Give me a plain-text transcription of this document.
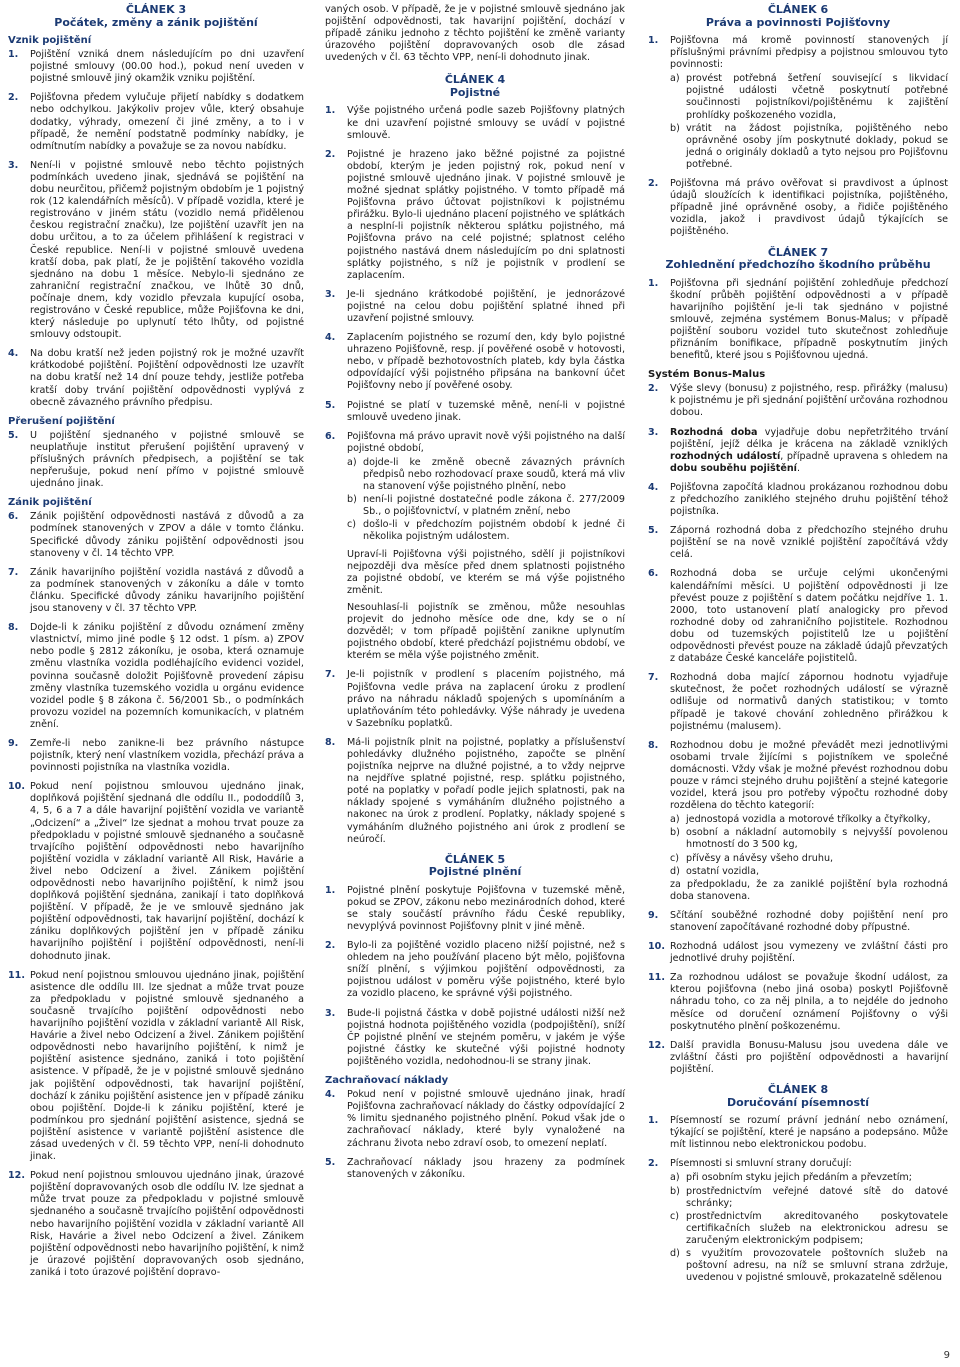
ČLÁNEK 3
Počátek, změny a zánik pojištění
Vznik pojištění
1. Pojištění vzniká dnem následujícím po dni uzavření pojistné smlouvy (00.00 hod.), pokud není uveden v pojistné smlouvě jiný okamžik vzniku pojištění.

2. Pojišťovna předem vylučuje přijetí nabídky s dodatkem nebo odchylkou. Jakýkoliv projev vůle, který obsahuje dodatky, výhrady, omezení či jiné změny, a to i v případě, že nemění podstatně podmínky nabídky, je odmítnutím nabídky a považuje se za novou nabídku.

3. Není-li v pojistné smlouvě nebo těchto pojistných podmínkách uvedeno jinak, sjednává se pojištění na dobu neurčitou, přičemž pojistným obdobím je 1 pojistný rok (12 kalendářních měsíců). V případě vozidla, které je registrováno v jiném státu (vozidlo nemá přidělenou českou registrační značku), lze pojištění uzavřít jen na dobu určitou, a to za účelem přihlášení k registraci v České republice. Není-li v pojistné smlouvě uvedena kratší doba, pak platí, že je pojištění takového vozidla sjednáno na dobu 1 měsíce. Nebylo-li sjednáno ze zahraniční registrační značkou, ve lhůtě 30 dnů, počínaje dnem, kdy vozidlo převzala kupující osoba, registrováno v České republice, může Pojišťovna ke dni, který následuje po uplynutí této lhůty, od pojistné smlouvy odstoupit.

4. Na dobu kratší než jeden pojistný rok je možné uzavřít krátkodobé pojištění. Pojištění odpovědnosti lze uzavřít na dobu kratší než 14 dní pouze tehdy, jestliže potřeba kratší doby trvání pojištění odpovědnosti vyplývá z obecně závazného právního předpisu.

Přerušení pojištění
5. U pojištění sjednaného v pojistné smlouvě se neuplatňuje institut přerušení pojištění upravený v příslušných právních předpisech, a pojištění se tak nepřerušuje, pokud není přímo v pojistné smlouvě ujednáno jinak.

Zánik pojištění
6. Zánik pojištění odpovědnosti nastává z důvodů a za podmínek stanovených v ZPOV a dále v tomto článku. Specifické důvody zániku pojištění odpovědnosti jsou stanoveny v čl. 14 těchto VPP.

7. Zánik havarijního pojištění vozidla nastává z důvodů a za podmínek stanovených v zákoníku a dále v tomto článku. Specifické důvody zániku havarijního pojištění jsou stanoveny v čl. 37 těchto VPP.

8. Dojde-li k zániku pojištění z důvodu oznámení změny vlastnictví, mimo jiné podle § 12 odst. 1 písm. a) ZPOV nebo podle § 2812 zákoníku, je osoba, která oznamuje změnu vlastníka vozidla podléhajícího evidenci vozidel, povinna současně doložit Pojišťovně provedení zápisu změny vlastníka tuzemského vozidla u orgánu evidence vozidel podle § 8 zákona č. 56/2001 Sb., o podmínkách provozu vozidel na pozemních komunikacích, v platném znění.

9. Zemře-li nebo zanikne-li bez právního nástupce pojistník, který není vlastníkem vozidla, přechází práva a povinnosti pojistníka na vlastníka vozidla.

10. Pokud není pojistnou smlouvou ujednáno jinak, doplňková pojištění sjednaná dle oddílu II., pododdílů 3, 4, 5, 6 a 7 a dále havarijní pojištění vozidla ve variantě „Odcizení“ a „Živel“ lze sjednat a mohou trvat pouze za předpokladu v pojistné smlouvě sjednaného a současně trvajícího pojištění odpovědnosti nebo havarijního pojištění vozidla v základní variantě All Risk, Havárie a živel nebo Odcizení a živel. Zánikem pojištění odpovědnosti nebo havarijního pojištění, k nimž jsou doplňková pojištění sjednána, zanikají i tato doplňková pojištění. V případě, že je ve smlouvě sjednáno jak pojištění odpovědnosti, tak havarijní pojištění, dochází k zániku doplňkových pojištění jen v případě zániku havarijního pojištění i pojištění odpovědnosti, není-li dohodnuto jinak.

11. Pokud není pojistnou smlouvou ujednáno jinak, pojištění asistence dle oddílu III. lze sjednat a může trvat pouze za předpokladu v pojistné smlouvě sjednaného a současně trvajícího pojištění odpovědnosti nebo havarijního pojištění vozidla v základní variantě All Risk, Havárie a živel nebo Odcizení a živel. Zánikem pojištění odpovědnosti nebo havarijního pojištění, k nimž je pojištění asistence sjednáno, zaniká i toto pojištění asistence. V případě, že je v pojistné smlouvě sjednáno jak pojištění odpovědnosti, tak havarijní pojištění, dochází k zániku pojištění asistence jen v případě zániku obou pojištění. Dojde-li k zániku pojištění, které je podmínkou pro sjednání pojištění asistence, sjedná se pojištění asistence v variantě pojištění asistence dle zásad uvedených v čl. 59 těchto VPP, není-li dohodnuto jinak.

12. Pokud není pojistnou smlouvou ujednáno jinak, úrazové pojištění dopravovaných osob dle oddílu IV. lze sjednat a může trvat pouze za předpokladu v pojistné smlouvě sjednaného a současně trvajícího pojištění odpovědnosti nebo havarijního pojištění vozidla v základní variantě All Risk, Havárie a živel nebo Odcizení a živel. Zánikem pojištění odpovědnosti nebo havarijního pojištění, k nimž je úrazové pojištění dopravovaných osob sjednáno, zaniká i toto úrazové pojištění dopravo-

vaných osob. V případě, že je v pojistné smlouvě sjednáno jak pojištění odpovědnosti, tak havarijní pojištění, dochází v případě zániku jednoho z těchto pojištění ke změně varianty úrazového pojištění dopravovaných osob dle zásad uvedených v čl. 63 těchto VPP, není-li dohodnuto jinak.
ČLÁNEK 4
Pojistné
1. Výše pojistného určená podle sazeb Pojišťovny platných ke dni uzavření pojistné smlouvy se uvádí v pojistné smlouvě.

2. Pojistné je hrazeno jako běžné pojistné za pojistné období, kterým je jeden pojistný rok, pokud není v pojistné smlouvě ujednáno jinak. V pojistné smlouvě je možné sjednat splátky pojistného. V tomto případě má Pojišťovna právo účtovat pojistníkovi k pojistnému přirážku. Bylo-li ujednáno placení pojistného ve splátkách a nesplní-li pojistník některou splátku pojistného, má Pojišťovna právo na celé pojistné; splatnost celého pojistného nastává dnem následujícím po dni splatnosti splátky pojistného, s níž je pojistník v prodlení se zaplacením.

3. Je-li sjednáno krátkodobé pojištění, je jednorázové pojistné na celou dobu pojištění splatné ihned při uzavření pojistné smlouvy.

4. Zaplacením pojistného se rozumí den, kdy bylo pojistné uhrazeno Pojišťovně, resp. jí pověřené osobě v hotovosti, nebo, v případě bezhotovostních plateb, kdy byla částka odpovídající výši pojistného připsána na bankovní účet Pojišťovny nebo jí pověřené osoby.

5. Pojistné se platí v tuzemské měně, není-li v pojistné smlouvě uvedeno jinak.

6. Pojišťovna má právo upravit nově výši pojistného na další pojistné období,

a) dojde-li ke změně obecně závazných právních předpisů nebo rozhodovací praxe soudů, která má vliv na stanovení výše pojistného plnění, nebo
b) není-li pojistné dostatečné podle zákona č. 277/2009 Sb., o pojišťovnictví, v platném znění, nebo
c) došlo-li v předchozím pojistném období k jedné či několika pojistným událostem.

Upraví-li Pojišťovna výši pojistného, sdělí ji pojistníkovi nejpozději dva měsíce před dnem splatnosti pojistného za pojistné období, ve kterém se má výše pojistného změnit.

Nesouhlasí-li pojistník se změnou, může nesouhlas projevit do jednoho měsíce ode dne, kdy se o ní dozvěděl; v tom případě pojištění zanikne uplynutím pojistného období, které předchází pojistnému období, ve kterém se měla výše pojistného změnit.

7. Je-li pojistník v prodlení s placením pojistného, má Pojišťovna vedle práva na zaplacení úroku z prodlení právo na náhradu nákladů spojených s upomínáním a uplatňováním této pohledávky. Výše náhrady je uvedena v Sazebníku poplatků.

8. Má-li pojistník plnit na pojistné, poplatky a příslušenství pohledávky dlužného pojistného, započte se plnění pojistníka nejprve na dlužné pojistné, a to vždy nejprve na nejdříve splatné pojistné, resp. splátku pojistného, poté na poplatky v pořadí podle jejich splatnosti, pak na náklady spojené s vymáháním dlužného pojistného a nakonec na úrok z prodlení. Poplatky, náklady spojené s vymáháním dlužného pojistného ani úrok z prodlení se neúročí.

ČLÁNEK 5
Pojistné plnění
1. Pojistné plnění poskytuje Pojišťovna v tuzemské měně, pokud se ZPOV, zákonu nebo mezinárodních dohod, které se staly součástí právního řádu České republiky, nevyplývá povinnost Pojišťovny plnit v jiné měně.

2. Bylo-li za pojištěné vozidlo placeno nižší pojistné, než s ohledem na jeho používání placeno být mělo, pojišťovna sníží plnění, s výjimkou pojištění odpovědnosti, za pojistnou událost v poměru výše pojistného, které bylo za vozidlo placeno, ke správné výši pojistného.

3. Bude-li pojistná částka v době pojistné události nižší než pojistná hodnota pojištěného vozidla (podpojištění), sníží ČP pojistné plnění ve stejném poměru, v jakém je výše pojistné částky ke skutečné výši pojistné hodnoty pojištěného vozidla, nedohodnou-li se strany jinak.

Zachraňovací náklady
4. Pokud není v pojistné smlouvě ujednáno jinak, hradí Pojišťovna zachraňovací náklady do částky odpovídající 2 % limitu sjednaného pojistného plnění. Pokud však jde o zachraňovací náklady, které byly vynaložené na záchranu života nebo zdraví osob, to omezení neplatí.

5. Zachraňovací náklady jsou hrazeny za podmínek stanovených v zákoníku.

ČLÁNEK 6
Práva a povinnosti Pojišťovny
1. Pojišťovna má kromě povinností stanovených jí příslušnými právními předpisy a pojistnou smlouvou tyto povinnosti:

a) provést potřebná šetření související s likvidací pojistné události včetně poskytnutí potřebné součinnosti pojistníkovi/pojištěnému k zajištění prohlídky poškozeného vozidla,
b) vrátit na žádost pojistníka, pojištěného nebo oprávněné osoby jím poskytnuté doklady, pokud se jedná o originály dokladů a tyto nejsou pro Pojišťovnu potřebné.
2. Pojišťovna má právo ověřovat si pravdivost a úplnost údajů sloužících k identifikaci pojistníka, pojištěného, případně jiné oprávněné osoby, a řidiče pojištěného vozidla, jakož i pravdivost údajů týkajících se pojištěného.

ČLÁNEK 7
Zohlednění předchozího škodního průběhu
1. Pojišťovna při sjednání pojištění zohledňuje předchozí škodní průběh pojištění odpovědnosti a v případě havarijního pojištění je-li tak sjednáno v pojistné smlouvě, zejména systémem Bonus-Malus; v případě pojištění souboru vozidel tuto skutečnost zohledňuje přiznáním bonifikace, případně poskytnutím jiných benefitů, které jsou s Pojišťovnou ujedná.

Systém Bonus-Malus
2. Výše slevy (bonusu) z pojistného, resp. přirážky (malusu) k pojistnému je při sjednání pojištění určována rozhodnou dobou.

3. Rozhodná doba vyjadřuje dobu nepřetržitého trvání pojištění, jejíž délka je krácena na základě vzniklých rozhodných událostí, případně upravena s ohledem na dobu souběhu pojištění.

4. Pojišťovna započítá kladnou prokázanou rozhodnou dobu z předchozího zaniklého stejného druhu pojištění téhož pojistníka.

5. Záporná rozhodná doba z předchozího stejného druhu pojištění se na nově vzniklé pojištění započítává vždy celá.

6. Rozhodná doba se určuje celými ukončenými kalendářními měsíci. U pojištění odpovědnosti ji lze převést pouze z pojištění s datem počátku nejdříve 1. 1. 2000, toto ustanovení platí analogicky pro převod rozhodné doby od zahraničního pojistitele. Rozhodnou dobu od tuzemských pojistitelů lze u pojištění odpovědnosti převést pouze na základě údajů převzatých z databáze České kanceláře pojistitelů.

7. Rozhodná doba mající zápornou hodnotu vyjadřuje skutečnost, že počet rozhodných událostí se výrazně odlišuje od normativů daných statistikou; v tomto případě je takové chování zohledněno přirážkou k pojistnému (malusem).

8. Rozhodnou dobu je možné převádět mezi jednotlivými osobami trvale žijícími s pojistníkem ve společné domácnosti. Vždy však je možné převést rozhodnou dobu pouze v rámci stejného druhu pojištění a stejné kategorie vozidel, která jsou pro potřeby výpočtu rozhodné doby rozdělena do těchto kategorií:

a) jednostopá vozidla a motorové tříkolky a čtyřkolky,
b) osobní a nákladní automobily s nejvyšší povolenou hmotností do 3 500 kg,
c) přívěsy a návěsy všeho druhu,
d) ostatní vozidla,

za předpokladu, že za zaniklé pojištění byla rozhodná doba stanovena.

9. Sčítání souběžné rozhodné doby pojištění není pro stanovení započítávané rozhodné doby přípustné.

10. Rozhodná událost jsou vymezeny ve zvláštní části pro jednotlivé druhy pojištění.

11. Za rozhodnou událost se považuje škodní událost, za kterou pojišťovna (nebo jiná osoba) poskytl Pojišťovně náhradu toho, co za něj plnila, a to nejdéle do jednoho měsíce od doručení oznámení Pojišťovny o výši poskytnutého plnění poškozenému.

12. Další pravidla Bonusu-Malusu jsou uvedena dále ve zvláštní části pro pojištění odpovědnosti a havarijní pojištění.

ČLÁNEK 8
Doručování písemností
1. Písemností se rozumí právní jednání nebo oznámení, týkající se pojištění, které je napsáno a podepsáno. Může mít listinnou nebo elektronickou podobu.

2. Písemnosti si smluvní strany doručují:

a) při osobním styku jejich předáním a převzetím;
b) prostřednictvím veřejné datové sítě do datové schránky;
c) prostřednictvím akreditovaného poskytovatele certifikačních služeb na elektronickou adresu se zaručeným elektronickým podpisem;
d) s využitím provozovatele poštovních služeb na poštovní adresu, na níž se smluvní strana zdržuje, uvedenou v pojistné smlouvě, prokazatelně sdělenou
9
